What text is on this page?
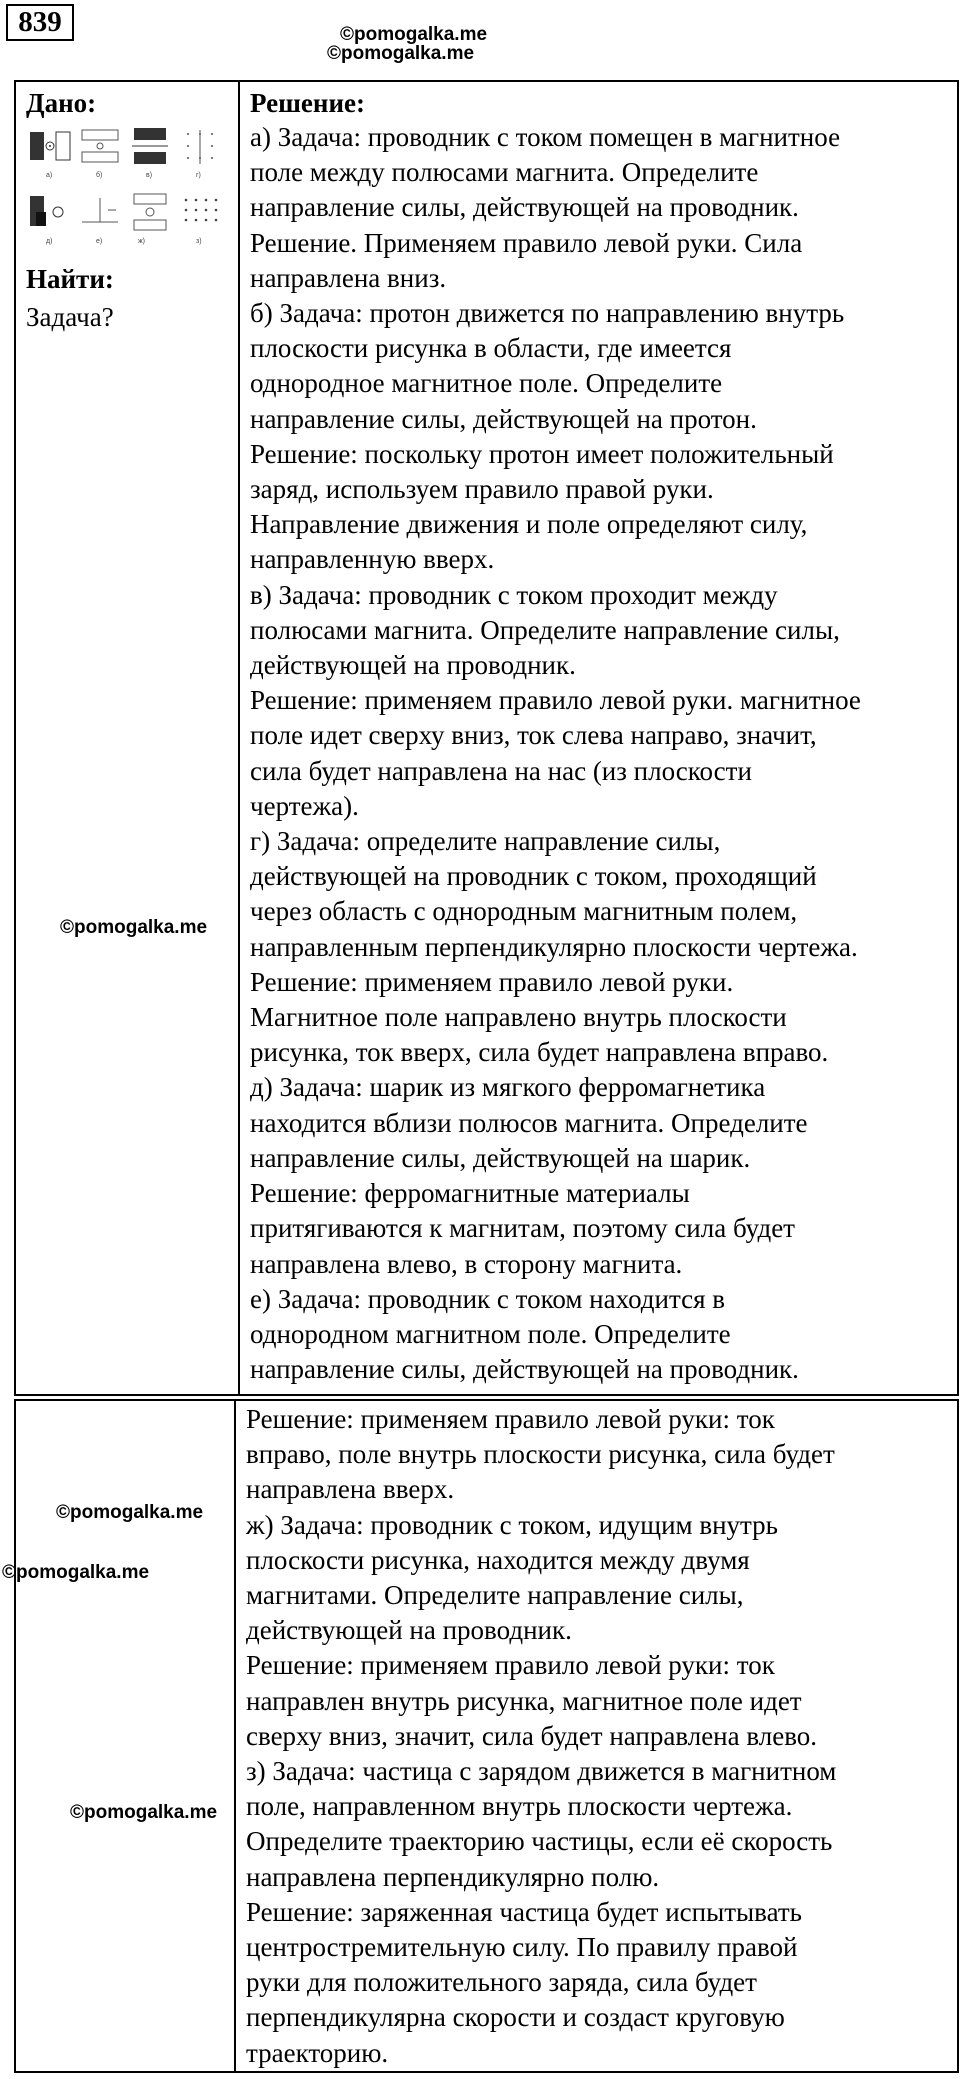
839	©pomogalka.me
©pomogalka.me
Дано:
а)	б)	в)	г)
д)	е)	ж)	з)
Найти:
Задача?

Решение:

а) Задача: проводник с током помещен в магнитное

поле между полюсами магнита. Определите

направление силы, действующей на проводник.

Решение. Применяем правило левой руки. Сила

направлена вниз.

б) Задача: протон движется по направлению внутрь

плоскости рисунка в области, где имеется

однородное магнитное поле. Определите

направление силы, действующей на протон.

Решение: поскольку протон имеет положительный

заряд, используем правило правой руки.

Направление движения и поле определяют силу,

направленную вверх.

в) Задача: проводник с током проходит между

полюсами магнита. Определите направление силы,

действующей на проводник.

Решение: применяем правило левой руки. магнитное

поле идет сверху вниз, ток слева направо, значит,

сила будет направлена на нас (из плоскости

чертежа).

г) Задача: определите направление силы,

действующей на проводник с током, проходящий

через область с однородным магнитным полем,

направленным перпендикулярно плоскости чертежа.

Решение: применяем правило левой руки.

Магнитное поле направлено внутрь плоскости

рисунка, ток вверх, сила будет направлена вправо.

д) Задача: шарик из мягкого ферромагнетика

находится вблизи полюсов магнита. Определите

направление силы, действующей на шарик.

Решение: ферромагнитные материалы

притягиваются к магнитам, поэтому сила будет

направлена влево, в сторону магнита.

е) Задача: проводник с током находится в

однородном магнитном поле. Определите

направление силы, действующей на проводник.

©pomogalka.me

Решение: применяем правило левой руки: ток

вправо, поле внутрь плоскости рисунка, сила будет

направлена вверх.

ж) Задача: проводник с током, идущим внутрь

плоскости рисунка, находится между двумя

магнитами. Определите направление силы,

действующей на проводник.

Решение: применяем правило левой руки: ток

направлен внутрь рисунка, магнитное поле идет

сверху вниз, значит, сила будет направлена влево.

з) Задача: частица с зарядом движется в магнитном

поле, направленном внутрь плоскости чертежа.

Определите траекторию частицы, если её скорость

направлена перпендикулярно полю.

Решение: заряженная частица будет испытывать

центростремительную силу. По правилу правой

руки для положительного заряда, сила будет

перпендикулярна скорости и создаст круговую

траекторию.

©pomogalka.me
©pomogalka.me
©pomogalka.me
